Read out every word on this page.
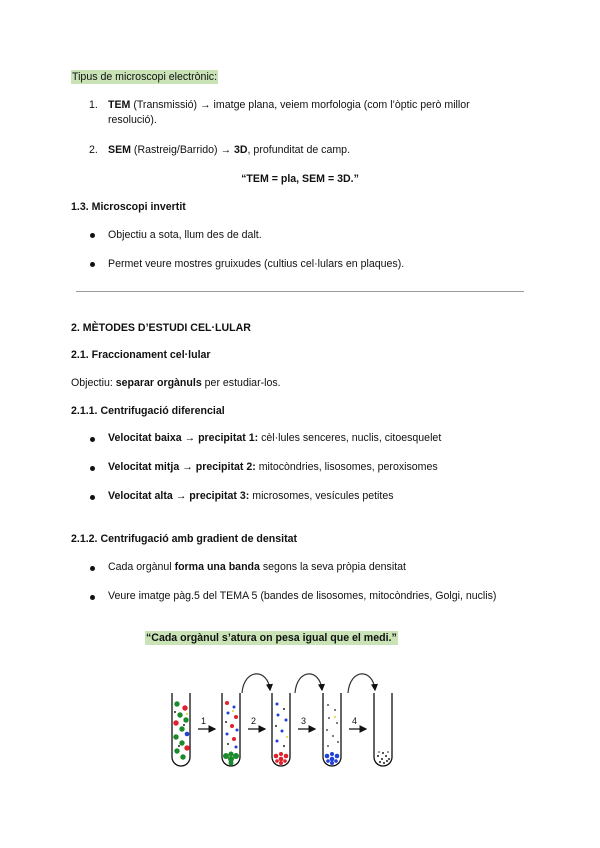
Tipus de microscopi electrònic:
1. TEM (Transmissió) → imatge plana, veiem morfologia (com l’òptic però millor
resolució).
2. SEM (Rastreig/Barrido) → 3D, profunditat de camp.
“TEM = pla, SEM = 3D.”
1.3. Microscopi invertit
Objectiu a sota, llum des de dalt.
Permet veure mostres gruixudes (cultius cel·lulars en plaques).
2. MÈTODES D’ESTUDI CEL·LULAR
2.1. Fraccionament cel·lular
Objectiu: separar orgànuls per estudiar-los.
2.1.1. Centrifugació diferencial
Velocitat baixa → precipitat 1: cèl·lules senceres, nuclis, citoesquelet
Velocitat mitja → precipitat 2: mitocòndries, lisosomes, peroxisomes
Velocitat alta → precipitat 3: microsomes, vesícules petites
2.1.2. Centrifugació amb gradient de densitat
Cada orgànul forma una banda segons la seva pròpia densitat
Veure imatge pàg.5 del TEMA 5 (bandes de lisosomes, mitocòndries, Golgi, nuclis)
“Cada orgànul s’atura on pesa igual que el medi.”
1	2	3	4
